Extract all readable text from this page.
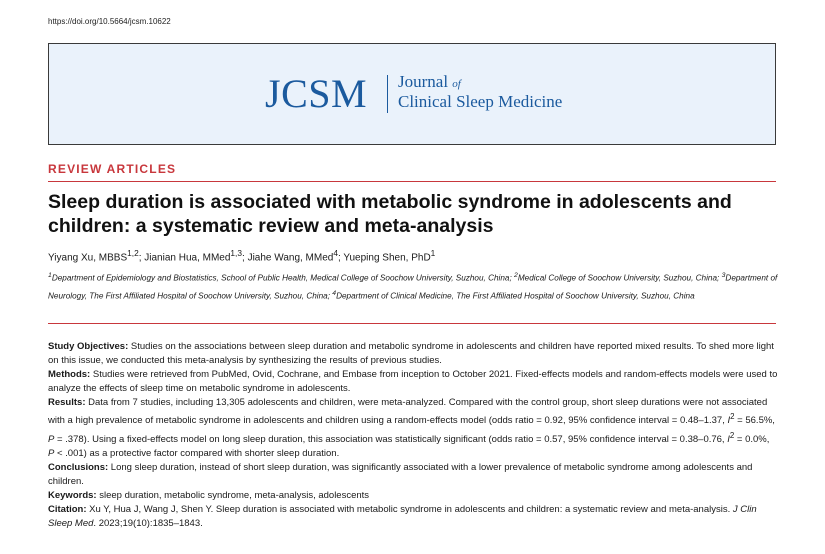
https://doi.org/10.5664/jcsm.10622
JCSM Journal of
Clinical Sleep Medicine
REVIEW ARTICLES
Sleep duration is associated with metabolic syndrome in adolescents and children: a systematic review and meta-analysis
Yiyang Xu, MBBS$^{1,2}$; Jianian Hua, MMed$^{1,3}$; Jiahe Wang, MMed$^4$; Yueping Shen, PhD$^1$
$^1$Department of Epidemiology and Biostatistics, School of Public Health, Medical College of Soochow University, Suzhou, China; $^2$Medical College of Soochow University, Suzhou, China; $^3$Department of Neurology, The First Affiliated Hospital of Soochow University, Suzhou, China; $^4$Department of Clinical Medicine, The First Affiliated Hospital of Soochow University, Suzhou, China

Study Objectives: Studies on the associations between sleep duration and metabolic syndrome in adolescents and children have reported mixed results. To shed more light on this issue, we conducted this meta-analysis by synthesizing the results of previous studies.

Methods: Studies were retrieved from PubMed, Ovid, Cochrane, and Embase from inception to October 2021. Fixed-effects models and random-effects models were used to analyze the effects of sleep time on metabolic syndrome in adolescents.

Results: Data from 7 studies, including 13,305 adolescents and children, were meta-analyzed. Compared with the control group, short sleep durations were not associated with a high prevalence of metabolic syndrome in adolescents and children using a random-effects model (odds ratio = 0.92, 95% confidence interval = 0.48–1.37, $I^2 = 56.5\%$, P = .378). Using a fixed-effects model on long sleep duration, this association was statistically significant (odds ratio = 0.57, 95% confidence interval = 0.38–0.76, $I^2 = 0.0\%$, P < .001) as a protective factor compared with shorter sleep duration.

Conclusions: Long sleep duration, instead of short sleep duration, was significantly associated with a lower prevalence of metabolic syndrome among adolescents and children.

Keywords: sleep duration, metabolic syndrome, meta-analysis, adolescents

Citation: Xu Y, Hua J, Wang J, Shen Y. Sleep duration is associated with metabolic syndrome in adolescents and children: a systematic review and meta-analysis. J Clin Sleep Med. 2023;19(10):1835–1843.
